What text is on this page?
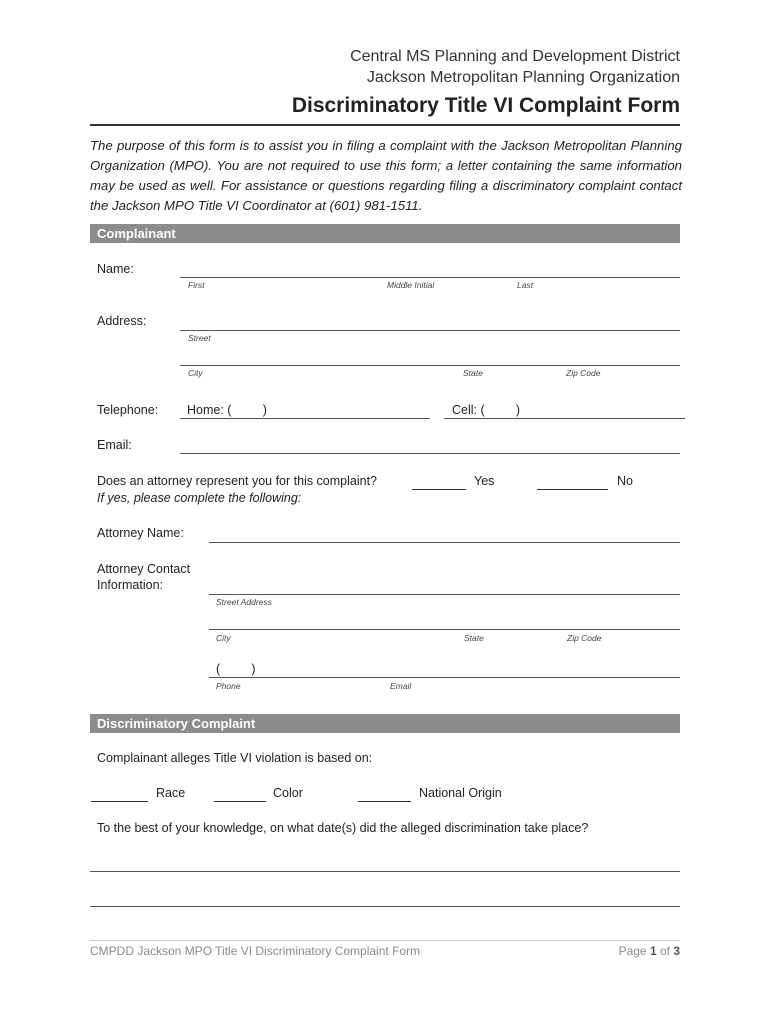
Central MS Planning and Development District
Jackson Metropolitan Planning Organization
Discriminatory Title VI Complaint Form
The purpose of this form is to assist you in filing a complaint with the Jackson Metropolitan Planning Organization (MPO). You are not required to use this form; a letter containing the same information may be used as well. For assistance or questions regarding filing a discriminatory complaint contact the Jackson MPO Title VI Coordinator at (601) 981-1511.
Complainant
Name:
First	Middle Initial	Last
Address:
Street
City	State	Zip Code
Telephone: Home: (         )	Cell: (         )
Email:
Does an attorney represent you for this complaint?	Yes	No
If yes, please complete the following:
Attorney Name:
Attorney Contact
Information:
Street Address
City	State	Zip Code
(         )
Phone	Email
Discriminatory Complaint
Complainant alleges Title VI violation is based on:
Race	Color	National Origin
To the best of your knowledge, on what date(s) did the alleged discrimination take place?
CMPDD Jackson MPO Title VI Discriminatory Complaint Form	Page 1 of 3
